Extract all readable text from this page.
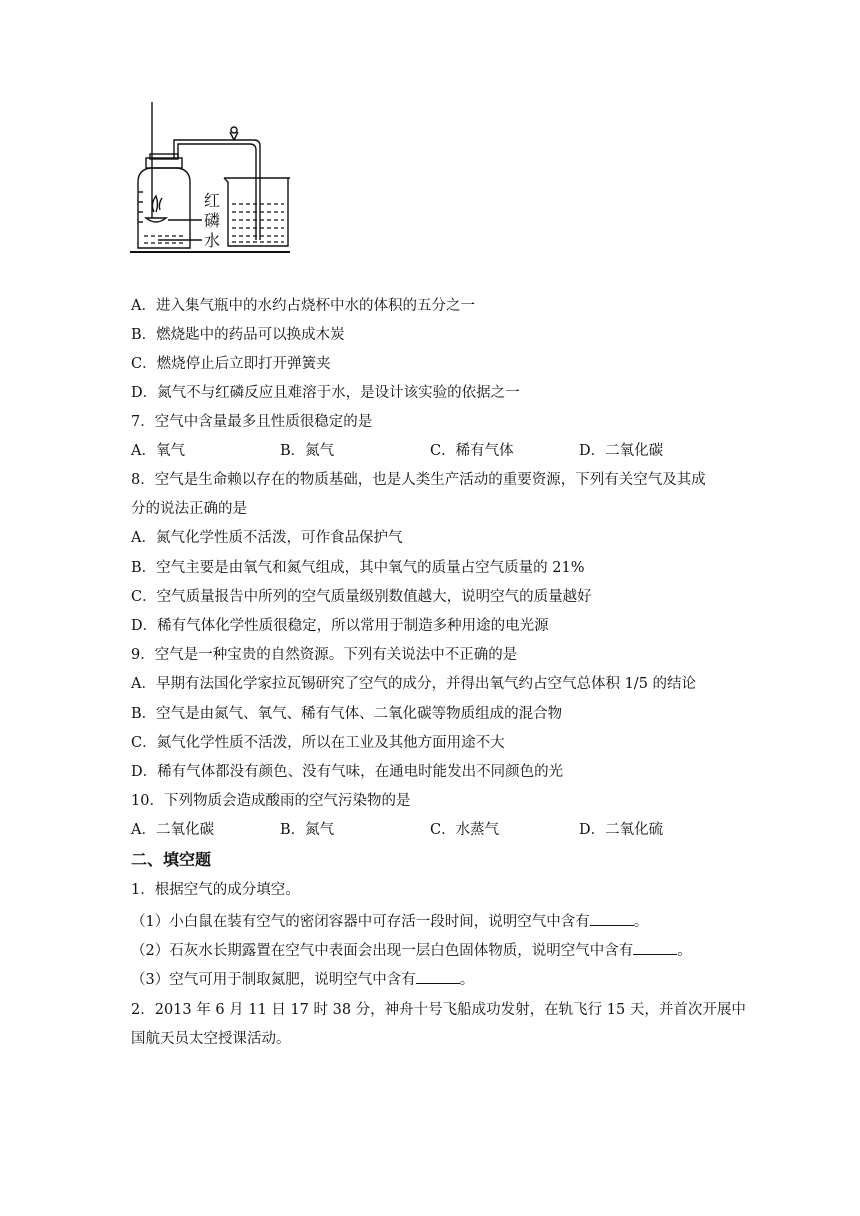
红
磷
水
A．进入集气瓶中的水约占烧杯中水的体积的五分之一
B．燃烧匙中的药品可以换成木炭
C．燃烧停止后立即打开弹簧夹
D．氮气不与红磷反应且难溶于水，是设计该实验的依据之一
7．空气中含量最多且性质很稳定的是
A．氧气	B．氮气	C．稀有气体	D．二氧化碳
8．空气是生命赖以存在的物质基础，也是人类生产活动的重要资源，下列有关空气及其成
分的说法正确的是
A．氮气化学性质不活泼，可作食品保护气
B．空气主要是由氧气和氮气组成，其中氧气的质量占空气质量的 21%
C．空气质量报告中所列的空气质量级别数值越大，说明空气的质量越好
D．稀有气体化学性质很稳定，所以常用于制造多种用途的电光源
9．空气是一种宝贵的自然资源。下列有关说法中不正确的是
A．早期有法国化学家拉瓦锡研究了空气的成分，并得出氧气约占空气总体积 1/5 的结论
B．空气是由氮气、氧气、稀有气体、二氧化碳等物质组成的混合物
C．氮气化学性质不活泼，所以在工业及其他方面用途不大
D．稀有气体都没有颜色、没有气味，在通电时能发出不同颜色的光
10．下列物质会造成酸雨的空气污染物的是
A．二氧化碳	B．氮气	C．水蒸气	D．二氧化硫
二、填空题
1．根据空气的成分填空。
（1）小白鼠在装有空气的密闭容器中可存活一段时间，说明空气中含有	。
（2）石灰水长期露置在空气中表面会出现一层白色固体物质，说明空气中含有	。
（3）空气可用于制取氮肥，说明空气中含有	。
2．2013 年 6 月 11 日 17 时 38 分，神舟十号飞船成功发射，在轨飞行 15 天，并首次开展中
国航天员太空授课活动。
